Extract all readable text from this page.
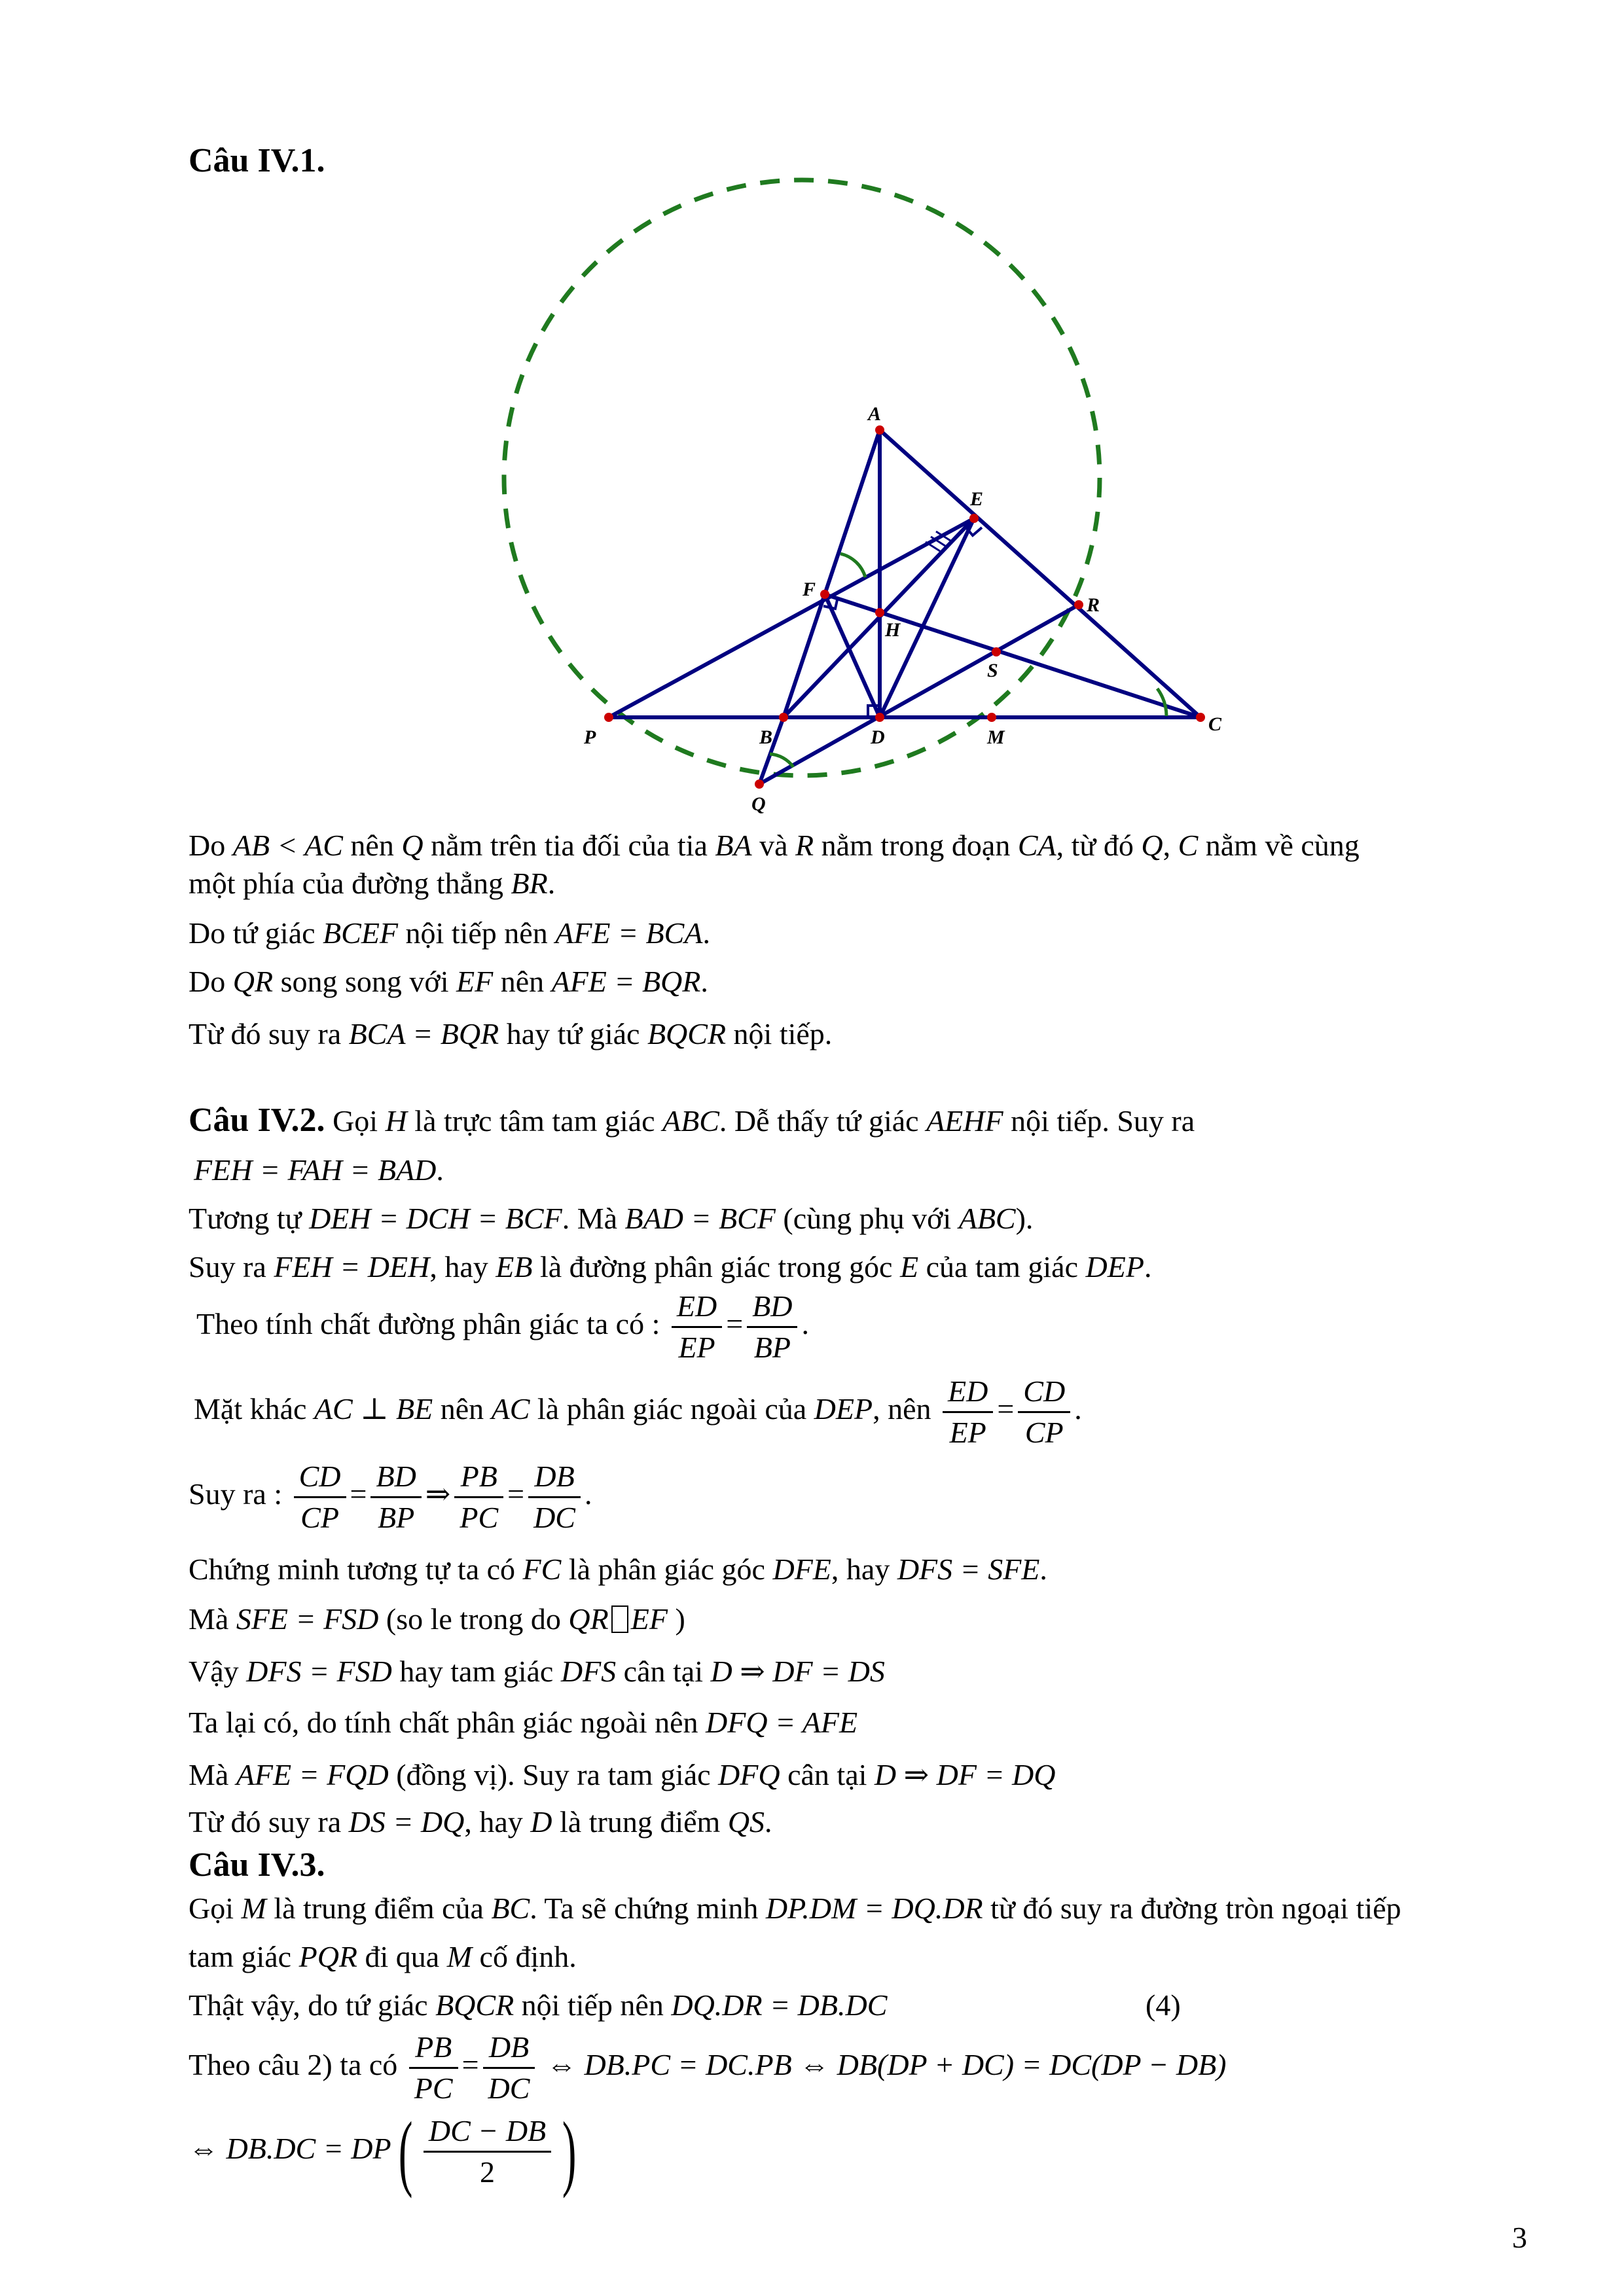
A
E
F
H
R
S
P	B	D	M
C
Q
Câu IV.1.
Do AB < AC nên Q nằm trên tia đối của tia BA và R nằm trong đoạn CA, từ đó Q, C nằm về cùng
một phía của đường thẳng BR.
Do tứ giác BCEF nội tiếp nên AFE = BCA.
Do QR song song với EF nên AFE = BQR.
Từ đó suy ra BCA = BQR hay tứ giác BQCR nội tiếp.
Câu IV.2. Gọi H là trực tâm tam giác ABC. Dễ thấy tứ giác AEHF nội tiếp. Suy ra
FEH = FAH = BAD.
Tương tự DEH = DCH = BCF. Mà BAD = BCF (cùng phụ với ABC).
Suy ra FEH = DEH, hay EB là đường phân giác trong góc E của tam giác DEP.
Theo tính chất đường phân giác ta có : $\frac{ED}{EP} = \frac{BD}{BP}$ .
Mặt khác AC ⊥ BE nên AC là phân giác ngoài của DEP, nên $\frac{ED}{EP} = \frac{CD}{CP}$ .
Suy ra : $\frac{CD}{CP} = \frac{BD}{BP}$ ⇒ $\frac{PB}{PC} = \frac{DB}{DC}$ .
Chứng minh tương tự ta có FC là phân giác góc DFE, hay DFS = SFE.
Mà SFE = FSD (so le trong do QR EF )
Vậy DFS = FSD hay tam giác DFS cân tại D ⇒ DF = DS
Ta lại có, do tính chất phân giác ngoài nên DFQ = AFE
Mà AFE = FQD (đồng vị). Suy ra tam giác DFQ cân tại D ⇒ DF = DQ
Từ đó suy ra DS = DQ, hay D là trung điểm QS.
Câu IV.3.
Gọi M là trung điểm của BC. Ta sẽ chứng minh DP.DM = DQ.DR từ đó suy ra đường tròn ngoại tiếp
tam giác PQR đi qua M cố định.
Thật vậy, do tứ giác BQCR nội tiếp nên DQ.DR = DB.DC	(4)
Theo câu 2) ta có $\frac{PB}{PC} = \frac{DB}{DC}$ ⇔ DB.PC = DC.PB ⇔ DB(DP + DC) = DC(DP − DB)
⇔ $DB.DC = DP( \frac{DC - DB}{2}$ )
3
